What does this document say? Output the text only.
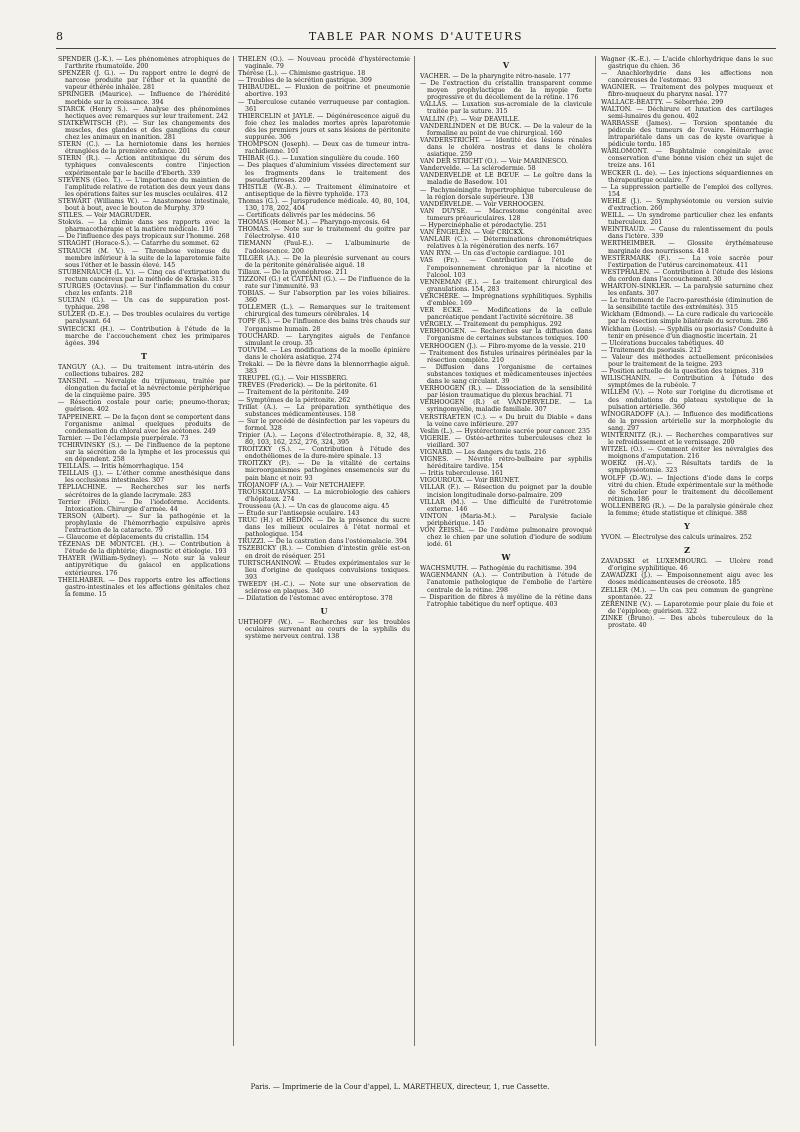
8	TABLE PAR NOMS D'AUTEURS

SPENDER (J.-K.). — Les phénomènes atrophiques de l'arthrite rhumatoïde. 200

SPENZER (J. G.). — Du rapport entre le degré de narcose produite par l'éther et la quantité de vapeur éthérée inhalée. 281

SPRINGER (Maurice). — Influence de l'hérédité morbide sur la croissance. 394

STARCK (Henry S.). — Analyse des phénomènes hectiques avec remarques sur leur traitement. 242

STATKEWITSCH (P.). — Sur les changements des muscles, des glandes et des ganglions du cœur chez les animaux en inanition. 281

STERN (C.). — La herniotomie dans les hernies étranglées de la première enfance. 201

STERN (R.). — Action antitoxique du sérum des typhiques convalescents contre l'injection expérimentale par le bacille d'Eberth. 339

STEVENS (Geo. T.). — L'importance du maintien de l'amplitude relative de rotation des deux yeux dans les opérations faites sur les muscles oculaires. 412

STEWART (Williams W.). — Anastomose intestinale, bout à bout, avec le bouton de Murphy. 379

STILES. — Voir MAGRUDER.

Stokvis. — La chimie dans ses rapports avec la pharmacothérapie et la matière médicale. 116

— De l'influence des pays tropicaux sur l'homme. 268

STRAGHT (Horace-S.). — Catarrhe du sommet. 62

STRAUCH (M. V.). — Thrombose veineuse du membre inférieur à la suite de la laparotomie faite sous l'éther et le bassin élevé. 145

STUBENRAUCH (L. V.). — Cinq cas d'extirpation du rectum cancéreux par la méthode de Kraske. 315

STURGES (Octavius). — Sur l'inflammation du cœur chez les enfants. 218

SULTAN (G.). — Un cas de suppuration post-typhique. 298

SULZER (D.-E.). — Des troubles oculaires du vertige paralysant. 64

SWIECICKI (H.). — Contribution à l'étude de la marche de l'accouchement chez les primipares âgées. 394

T

TANGUY (A.). — Du traitement intra-utérin des collections tubaires. 282

TANSINI. — Névralgie du trijumeau, traitée par élongation du facial et la névrectomie périphérique de la cinquième paire. 395

— Résection costale pour carie; pneumo-thorax; guérison. 402

TAPPEINERT. — De la façon dont se comportent dans l'organisme animal quelques produits de condensation du chloral avec les acétones. 249

Tarnier. — De l'éclampsie puerpérale. 73

TCHIRVINSKY (S.). — De l'influence de la peptone sur la sécrétion de la lymphe et les processus qui en dépendent. 258

TEILLAIS. — Iritis hémorrhagique. 154

TEILLAIS (J.). — L'éther comme anesthésique dans les occlusions intestinales. 307

TÉPLIACHINE. — Recherches sur les nerfs sécrétoires de la glande lacrymale. 283

Terrier (Félix). — De l'iodoforme. Accidents. Intoxication. Chirurgie d'armée. 44

TERSON (Albert). — Sur la pathogénie et la prophylaxie de l'hémorrhagie expulsive après l'extraction de la cataracte. 79

— Glaucome et déplacements du cristallin. 154

TÉZENAS DE MONTCEL (H.). — Contribution à l'étude de la diphtérie; diagnostic et étiologie. 193

THAYER (William-Sydney). — Note sur la valeur antipyrétique du gaïacol en applications extérieures. 176

THEILHABER. — Des rapports entre les affections gastro-intestinales et les affections génitales chez la femme. 15

THELEN (O.). — Nouveau procédé d'hystérectomie vaginale. 79

Thérèse (L.). — Chimisme gastrique. 18

— Troubles de la sécrétion gastrique. 309

THIBAUDEL. — Fluxion de poitrine et pneumonie abortive. 193

— Tuberculose cutanée verruqueuse par contagion. 361

THIERCELIN et JAYLE. — Dégénérescence aiguë du foie chez les malades mortes après laparotomie dès les premiers jours et sans lésions de péritonite suppurée. 306

THOMPSON (Joseph). — Deux cas de tumeur intra-rachidienne. 101

THIBAR (G.). — Luxation singulière du coude. 160

— Des plaques d'aluminium vissées directement sur les fragments dans le traitement des pseudarthroses. 209

THISTLE (W.-B.). — Traitement éliminatoire et antiseptique de la fièvre typhoïde. 173

Thomas (G.). — Jurisprudence médicale. 40, 80, 104, 130, 178, 202, 404

— Certificats délivrés par les médecins. 56

THOMAS (Homer M.). — Pharyngo-mycosis. 64

THOMAS. — Note sur le traitement du goitre par l'électrolyse. 410

TIEMANN (Paul-E.). — L'albuminurie de l'adolescence. 200

TILGER (A.). — De la pleurésie survenant au cours de la péritonite généralisée aiguë. 18

Tillaux. — De la pyonéphrose. 211

TIZZONI (G.) et CATTANI (G.). — De l'influence de la rate sur l'immunité. 93

TOBIAS. — Sur l'absorption par les voies biliaires. 360

TOLLEMER (L.). — Remarques sur le traitement chirurgical des tumeurs cérébrales. 14

TOPF (R.). — De l'influence des bains très chauds sur l'organisme humain. 28

TOUCHARD. — Laryngites aiguës de l'enfance simulant le croup. 35

TOUVIM. — Les modifications de la moelle épinière dans le choléra asiatique. 274

Trekaki. — De la fièvre dans la blennorrhagie aiguë. 383

TREUPEL (G.). — Voir HISSBERG.

TRÈVES (Frederick). — De la péritonite. 61

— Traitement de la péritonite. 249

— Symptômes de la péritonite. 262

Trillat (A.). — La préparation synthétique des substances médicamenteuses. 158

— Sur le procédé de désinfection par les vapeurs du formol. 328

Tripier (A.). — Leçons d'électrothérapie. 8, 32, 48, 80, 103, 162, 252, 276, 324, 395

TROITZKY (S.). — Contribution à l'étude des endothéliomes de la dure-mère spinale. 13

TROITZKY (P.). — De la vitalité de certains microorganismes pathogènes ensemencés sur du pain blanc et noir. 93

TROJANOFF (A.). — Voir NETCHAIEFF.

TROUSKOLIAVSKI. — La microbiologie des cahiers d'hôpitaux. 274

Trousseau (A.). — Un cas de glaucome aigu. 45

— Étude sur l'antisepsie oculaire. 143

TRUC (H.) et HÉDON. — De la présence du sucre dans les milieux oculaires à l'état normal et pathologique. 154

TRUZZI. — De la castration dans l'ostéomalacie. 394

TSZEBICKY (R.). — Combien d'intestin grêle est-on en droit de réséquer. 251

TURTSCHANINOW. — Études expérimentales sur le lieu d'origine de quelques convulsions toxiques. 393

TWEEDY (H.-C.). — Note sur une observation de sclérose en plaques. 340

— Dilatation de l'estomac avec entéroptose. 378

U

UHTHOFF (W.). — Recherches sur les troubles oculaires survenant au cours de la syphilis du système nerveux central. 138

V

VACHER. — De la pharyngite rétro-nasale. 177

— De l'extraction du cristallin transparent comme moyen prophylactique de la myopie forte progressive et du décollement de la rétine. 176

VALLAS. — Luxation sus-acromiale de la clavicule traitée par la suture. 315

VALLIN (P.). — Voir DEAVILLE.

VANDERLINDEN et DE BUCK. — De la valeur de la formaline au point de vue chirurgical. 160

VANDERSTRICHT. — Identité des lésions rénales dans le choléra nostras et dans le choléra asiatique. 259

VAN DER STRICHT (O.). — Voir MARINESCO.

Vandervelde. — La sclérodermie. 58

VANDERVELDE et LE BŒUF. — Le goître dans la maladie de Basedow. 101

— Pachyméningite hypertrophique tuberculeuse de la région dorsale supérieure. 138

VANDERVELDE. — Voir VERHOOGEN.

VAN DUYSE. — Macrostome congénital avec tumeurs préauriculaires. 128

— Hypercinéphalie et pérodactylie. 251

VAN ENGELEN. — Voir CRICKX.

VANLAIR (C.). — Déterminations chronométriques relatives à la régénération des nerfs. 167

VAN RYN. — Un cas d'ectopie cardiaque. 101

VAS (Fr.). — Contribution à l'étude de l'empoisonnement chronique par la nicotine et l'alcool. 103

VENNEMAN (E.). — Le traitement chirurgical des granulations. 154, 283

VERCHÈRE. — Imprégnations syphilitiques. Syphilis d'emblée. 169

VER ECKE. — Modifications de la cellule pancréatique pendant l'activité sécrétoire. 38

VERGELY. — Traitement du pemphigus. 292

VERHOOGEN. — Recherches sur la diffusion dans l'organisme de certaines substances toxiques. 100

VERHOOGEN (J.). — Fibro-myome de la vessie. 210

— Traitement des fistules urinaires périnéales par la résection complète. 210

— Diffusion dans l'organisme de certaines substances toxiques et médicamenteuses injectées dans le sang circulant. 39

VERHOOGEN (R.). — Dissociation de la sensibilité par lésion traumatique du plexus brachial. 71

VERHOOGEN (R.) et VANDERVELDE. — La syringomyélie, maladie familiale. 307

VERSTRAETEN (C.). — « Du bruit du Diable » dans la veine cave inférieure. 297

Veslin (L.). — Hystérectomie sacrée pour cancer. 235

VIGERIE. — Ostéo-arthrites tuberculeuses chez le vieillard. 307

VIGNARD. — Les dangers du taxis. 216

VIGNES. — Névrite rétro-bulbaire par syphilis héréditaire tardive. 154

— Iritis tuberculeuse. 161

VIGOUROUX. — Voir BRUNET.

VILLAR (F.). — Résection du poignet par la double incision longitudinale dorso-palmaire. 209

VILLAR (M.). — Une difficulté de l'urétrotomie externe. 146

VINTON (Maria-M.). — Paralysie faciale périphérique. 145

VON ZEISSL. — De l'œdème pulmonaire provoqué chez le chien par une solution d'iodure de sodium iodé. 61

W

WACHSMUTH. — Pathogénie du rachitisme. 394

WAGENMANN (A.). — Contribution à l'étude de l'anatomie pathologique de l'embolie de l'artère centrale de la rétine. 298

— Disparition de fibres à myéline de la rétine dans l'atrophie tabétique du nerf optique. 403

Wagner (K.-E.). — L'acide chlorhydrique dans le suc gastrique du chien. 36

— Anachlorhydrie dans les affections non cancéreuses de l'estomac. 93

WAGNIER. — Traitement des polypes muqueux et fibro-muqueux du pharynx nasal. 177

WALLACE-BEATTY. — Séborrhée. 299

WALTON. — Déchirure et luxation des cartilages semi-lunaires du genou. 402

WARBASSE (James). — Torsion spontanée du pédicule des tumeurs de l'ovaire. Hémorrhagie intrapariétale dans un cas de kyste ovarique à pédicule tordu. 185

WARLOMONT. — Buphtalmie congénitale avec conservation d'une bonne vision chez un sujet de treize ans. 161

WECKER (L. de). — Les injections séquardiennes en thérapeutique oculaire. 7

— La suppression partielle de l'emploi des collyres. 154

WEHLE (J.). — Symphyséotomie ou version suivie d'extraction. 260

WEILL. — Un syndrome particulier chez les enfants tuberculeux. 201

WEINTRAUD. — Cause du ralentissement du pouls dans l'ictère. 339

WERTHEIMBER. — Glossite érythémateuse marginale des nourrissons. 418

WESTERMARK (F.). — La voie sacrée pour l'extirpation de l'utérus carcinomateux. 411

WESTPHALEN. — Contribution à l'étude des lésions du cordon dans l'accouchement. 30

WHARTON-SINKLER. — La paralysie saturnine chez les enfants. 307

— Le traitement de l'acro-paresthésie (diminution de la sensibilité tactile des extrémités). 315

Wickham (Edmond). — La cure radicale du varicocèle par la résection simple bilatérale du scrotum. 286

Wickham (Louis). — Syphilis ou psoriasis? Conduite à tenir en présence d'un diagnostic incertain. 21

— Ulcérations buccales tabétiques. 40

— Traitement du psoriasis. 212

— Valeur des méthodes actuellement préconisées pour le traitement de la teigne. 293

— Position actuelle de la question des teignes. 319

WILISCHANIN. — Contribution à l'étude des symptômes de la rubéole. 7

WILLEM (V.). — Note sur l'origine du dicrotisme et des ondulations du plateau systolique de la pulsation artérielle. 360

WINOGRADOFF (A.). — Influence des modifications de la pression artérielle sur la morphologie du sang. 297

WINTERNITZ (R.). — Recherches comparatives sur le refroidissement et le vernissage. 200

WITZEL (O.). — Comment éviter les névralgies des moignons d'amputation. 216

WOERZ (H.-V.). — Résultats tardifs de la symphyséotomie. 323

WOLFF (D.-W.). — Injections d'iode dans le corps vitré du chien. Étude expérimentale sur la méthode de Schœler pour le traitement du décollement rétinien. 186

WOLLENBERG (R.). — De la paralysie générale chez la femme; étude statistique et clinique. 388

Y

YVON. — Électrolyse des calculs urinaires. 252

Z

ZAVADSKI et LUXEMBOURG. — Ulcère rond d'origine syphilitique. 46

ZAWADZKI (J.). — Empoisonnement aigu avec les doses médicamenteuses de créosote. 185

ZELLER (M.). — Un cas peu commun de gangrène spontanée. 22

ZÉRÉNINE (V.). — Laparotomie pour plaie du foie et de l'épiploon; guérison. 322

ZINKE (Bruno). — Des abcès tuberculeux de la prostate. 40

Paris. — Imprimerie de la Cour d'appel, L. MARETHEUX, directeur, 1, rue Cassette.
